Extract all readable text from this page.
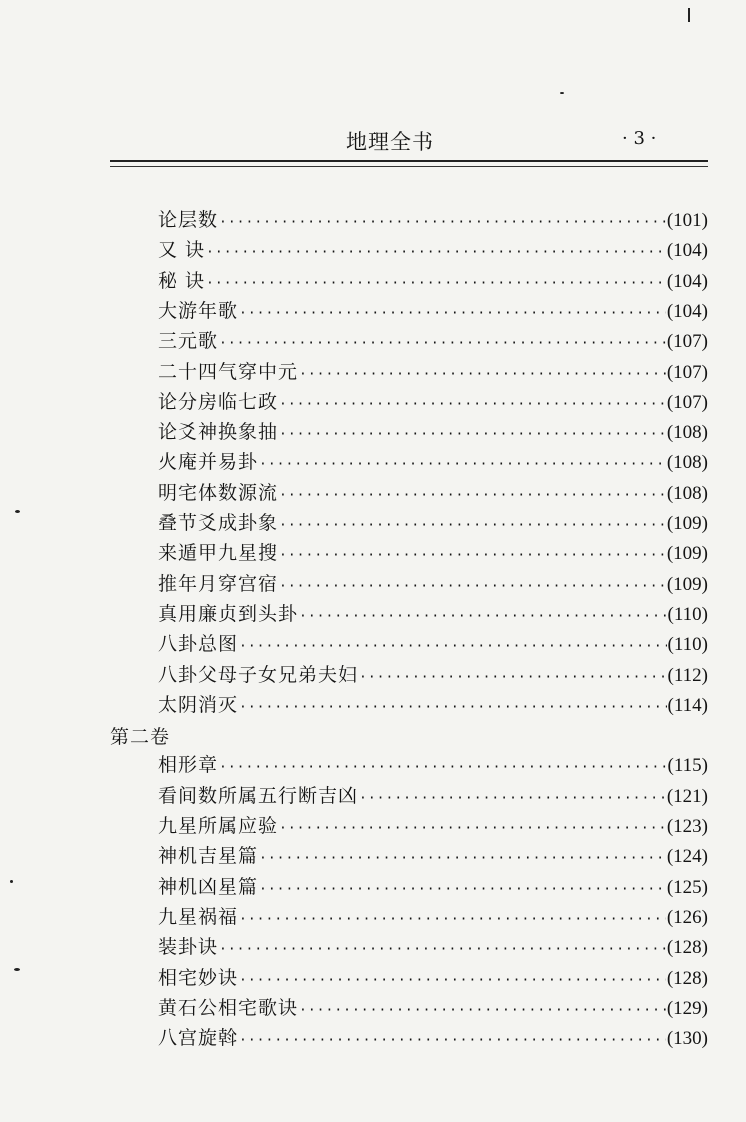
地理全书	· 3 ·
论层数 ·····	(101)
又 诀 ·····	(104)
秘 诀 ·····	(104)
大游年歌 ·····	(104)
三元歌 ·····	(107)
二十四气穿中元 ·····	(107)
论分房临七政 ·····	(107)
论爻神换象抽 ·····	(108)
火庵并易卦 ·····	(108)
明宅体数源流 ·····	(108)
叠节爻成卦象 ·····	(109)
来遁甲九星搜 ·····	(109)
推年月穿宫宿 ·····	(109)
真用廉贞到头卦 ·····	(110)
八卦总图 ·····	(110)
八卦父母子女兄弟夫妇 ·····	(112)
太阴消灭 ·····	(114)
第二卷
相形章 ·····	(115)
看间数所属五行断吉凶 ·····	(121)
九星所属应验 ·····	(123)
神机吉星篇 ·····	(124)
神机凶星篇 ·····	(125)
九星祸福 ·····	(126)
装卦诀 ·····	(128)
相宅妙诀 ·····	(128)
黄石公相宅歌诀 ·····	(129)
八宫旋斡 ·····	(130)
